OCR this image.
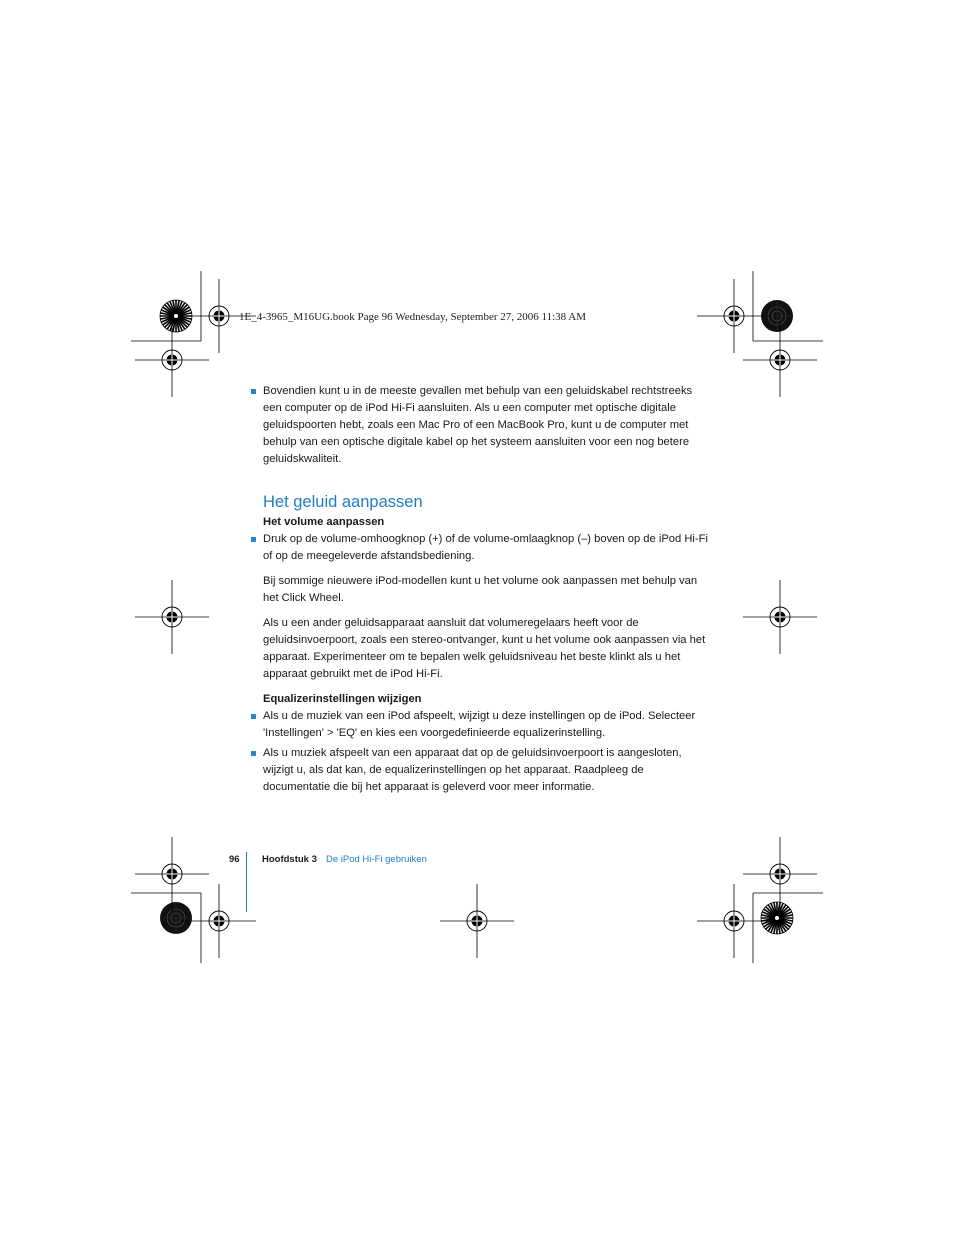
1E_4-3965_M16UG.book Page 96 Wednesday, September 27, 2006 11:38 AM
Bovendien kunt u in de meeste gevallen met behulp van een geluidskabel rechtstreeks een computer op de iPod Hi-Fi aansluiten. Als u een computer met optische digitale geluidspoorten hebt, zoals een Mac Pro of een MacBook Pro, kunt u de computer met behulp van een optische digitale kabel op het systeem aansluiten voor een nog betere geluidskwaliteit.
Het geluid aanpassen
Het volume aanpassen
Druk op de volume-omhoogknop (+) of de volume-omlaagknop (–) boven op de iPod Hi-Fi of op de meegeleverde afstandsbediening.
Bij sommige nieuwere iPod-modellen kunt u het volume ook aanpassen met behulp van het Click Wheel.
Als u een ander geluidsapparaat aansluit dat volumeregelaars heeft voor de geluidsinvoerpoort, zoals een stereo-ontvanger, kunt u het volume ook aanpassen via het apparaat. Experimenteer om te bepalen welk geluidsniveau het beste klinkt als u het apparaat gebruikt met de iPod Hi-Fi.
Equalizerinstellingen wijzigen
Als u de muziek van een iPod afspeelt, wijzigt u deze instellingen op de iPod. Selecteer 'Instellingen' > 'EQ' en kies een voorgedefinieerde equalizerinstelling.
Als u muziek afspeelt van een apparaat dat op de geluidsinvoerpoort is aangesloten, wijzigt u, als dat kan, de equalizerinstellingen op het apparaat. Raadpleeg de documentatie die bij het apparaat is geleverd voor meer informatie.
96 Hoofdstuk 3 De iPod Hi-Fi gebruiken
